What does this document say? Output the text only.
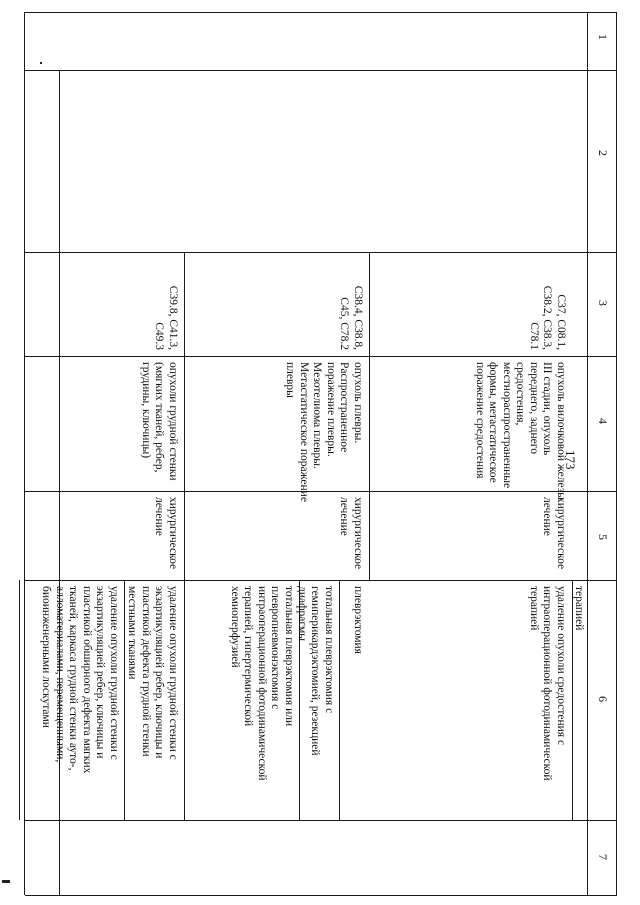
173
1
2
3
4
5
6
7
терапией
С37, С08.1,
С38.2, С38.3,
С78.1
опухоль вилочковой железы
III стадии, опухоль
переднего, заднего
средостения,
местнораспространенные
формы, метастатическое
поражение средостения
хирургическое
лечение
удаление опухоли средостения с
интраоперационной фотодинамической
терапией
С38.4, С38.8,
С45, С78.2
опухоль плевры.
Распространенное
поражение плевры.
Мезотелиома плевры.
Метастатическое поражение
плевры
хирургическое
лечение
плеврэктомия
тотальная плеврэктомия с
гемиперикардэктомией, резекцией
диафрагмы
тотальная плеврэктомия или
плевропневмонэктомия с
интраоперационной фотодинамической
терапией, гипертермической
хемиоперфузией
С39.8, С41.3,
С49.3
опухоли грудной стенки
(мягких тканей, ребер,
грудины, ключицы)
хирургическое
лечение
удаление опухоли грудной стенки с
экзартикуляцией ребер, ключицы и
пластикой дефекта грудной стенки
местными тканями
удаление опухоли грудной стенки с
экзартикуляцией ребер, ключицы и
пластикой обширного дефекта мягких
тканей, каркаса грудной стенки ауто-,
алломатериалами, перемещенными,
биоинженерными лоскутами
